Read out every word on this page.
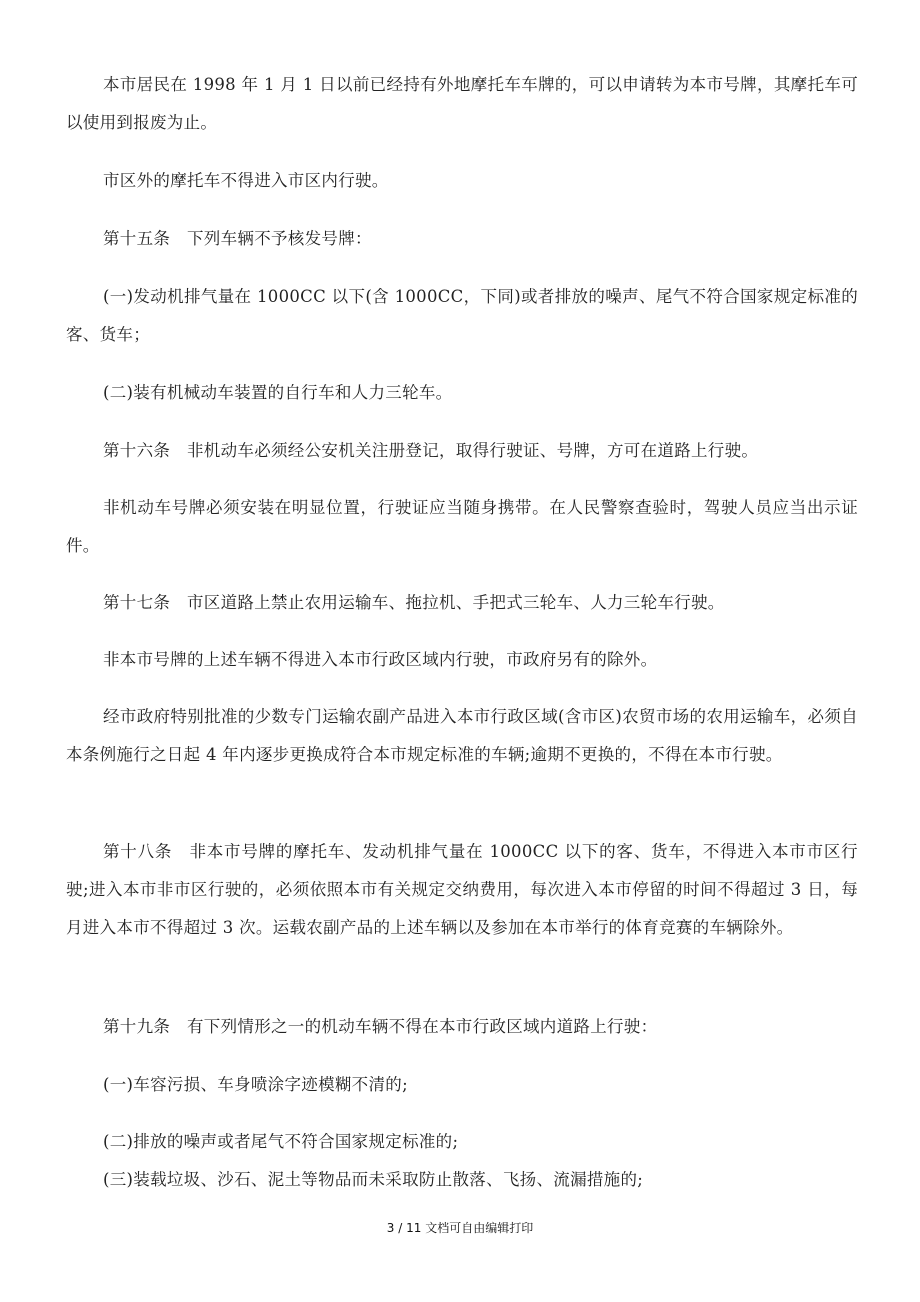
本市居民在 1998 年 1 月 1 日以前已经持有外地摩托车车牌的，可以申请转为本市号牌，其摩托车可以使用到报废为止。

市区外的摩托车不得进入市区内行驶。

第十五条　下列车辆不予核发号牌：

(一)发动机排气量在 1000CC 以下(含 1000CC，下同)或者排放的噪声、尾气不符合国家规定标准的客、货车；

(二)装有机械动车装置的自行车和人力三轮车。

第十六条　非机动车必须经公安机关注册登记，取得行驶证、号牌，方可在道路上行驶。

非机动车号牌必须安装在明显位置，行驶证应当随身携带。在人民警察查验时，驾驶人员应当出示证件。

第十七条　市区道路上禁止农用运输车、拖拉机、手把式三轮车、人力三轮车行驶。

非本市号牌的上述车辆不得进入本市行政区域内行驶，市政府另有的除外。

经市政府特别批准的少数专门运输农副产品进入本市行政区域(含市区)农贸市场的农用运输车，必须自本条例施行之日起 4 年内逐步更换成符合本市规定标准的车辆;逾期不更换的，不得在本市行驶。

第十八条　非本市号牌的摩托车、发动机排气量在 1000CC 以下的客、货车，不得进入本市市区行驶;进入本市非市区行驶的，必须依照本市有关规定交纳费用，每次进入本市停留的时间不得超过 3 日，每月进入本市不得超过 3 次。运载农副产品的上述车辆以及参加在本市举行的体育竞赛的车辆除外。

第十九条　有下列情形之一的机动车辆不得在本市行政区域内道路上行驶：

(一)车容污损、车身喷涂字迹模糊不清的;

(二)排放的噪声或者尾气不符合国家规定标准的;

(三)装载垃圾、沙石、泥土等物品而未采取防止散落、飞扬、流漏措施的;

3 / 11 文档可自由编辑打印
